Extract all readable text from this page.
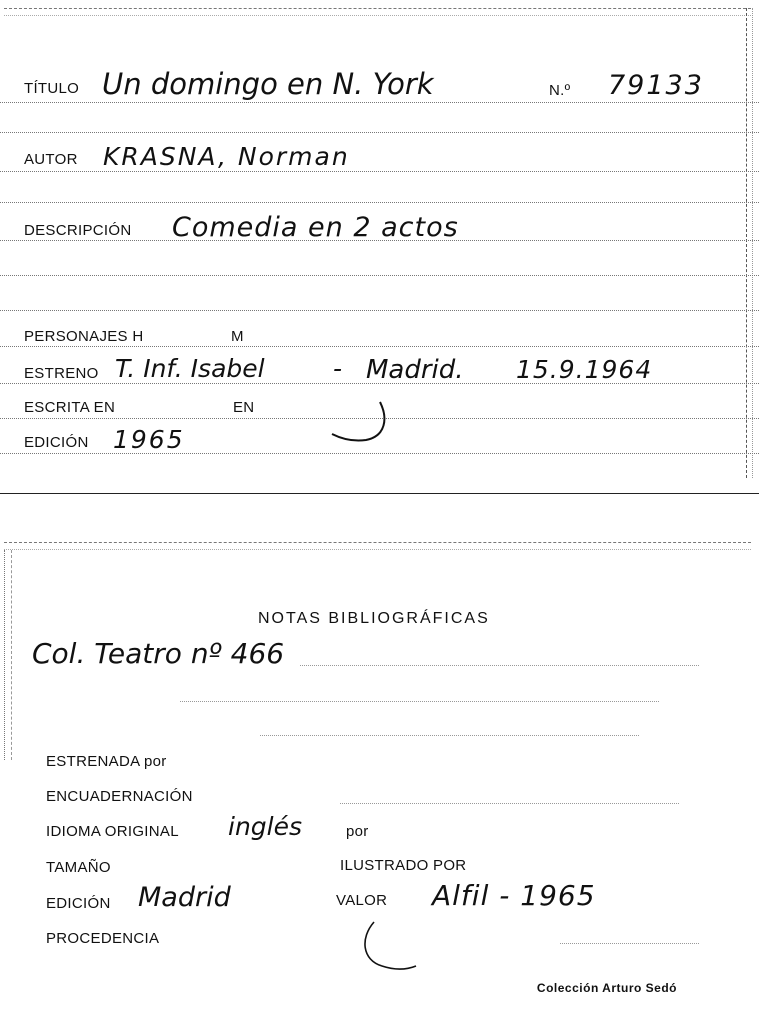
TÍTULO Un domingo en N. York	N.º 79133
AUTOR KRASNA, Norman
DESCRIPCIÓN Comedia en 2 actos
PERSONAJES H	M
ESTRENO T. Inf. Isabel	- Madrid. 15.9.1964
ESCRITA EN	EN
EDICIÓN 1965
NOTAS BIBLIOGRÁFICAS
Col. Teatro nº 466
ESTRENADA por
ENCUADERNACIÓN
IDIOMA ORIGINAL inglés	por
TAMAÑO	ILUSTRADO POR
EDICIÓN Madrid	VALOR Alfil - 1965
PROCEDENCIA
Colección Arturo Sedó
